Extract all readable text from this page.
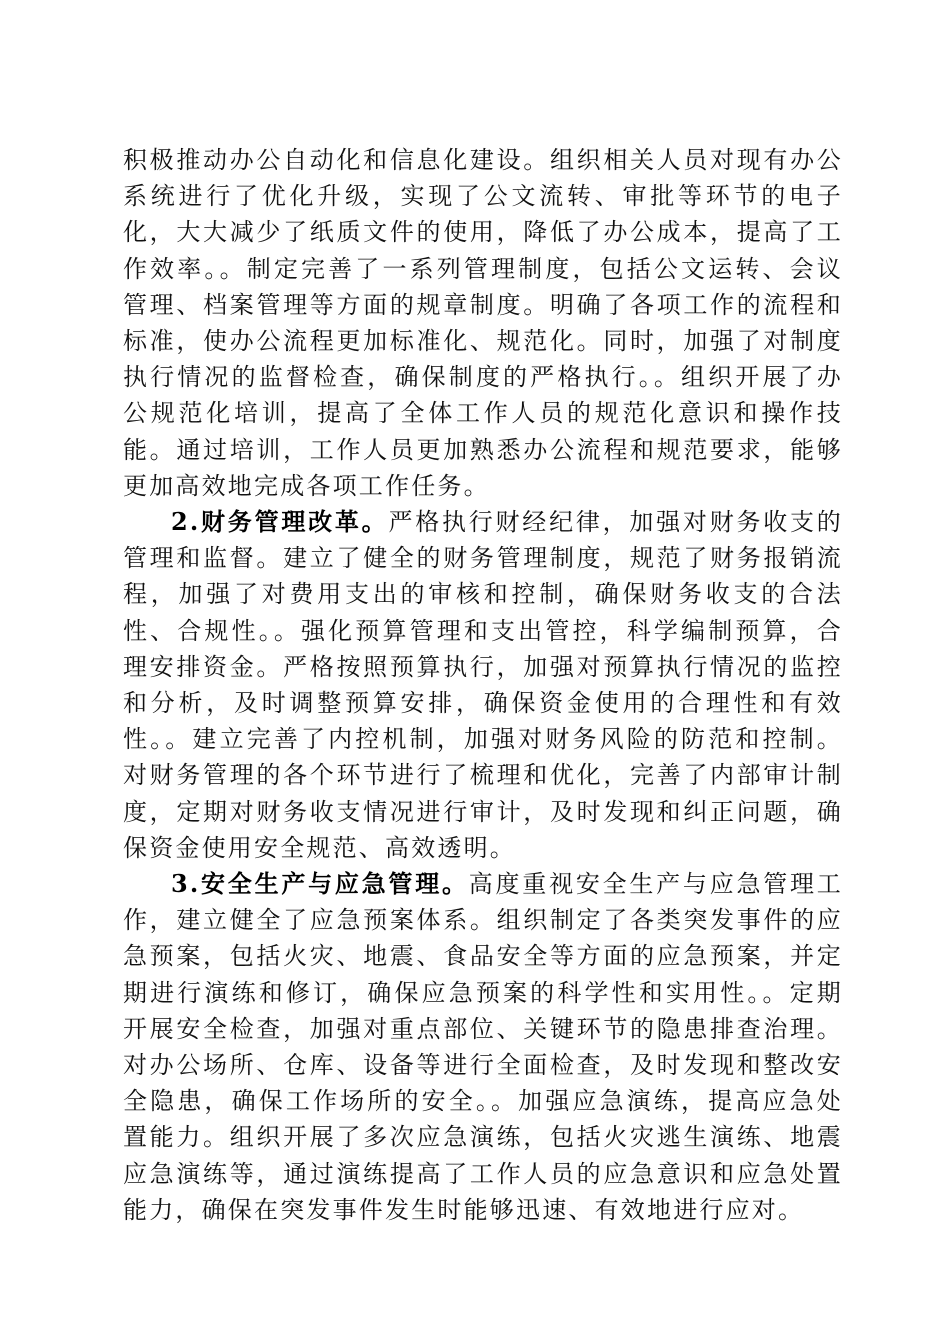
积极推动办公自动化和信息化建设。组织相关人员对现有办公系统进行了优化升级，实现了公文流转、审批等环节的电子化，大大减少了纸质文件的使用，降低了办公成本，提高了工作效率。。制定完善了一系列管理制度，包括公文运转、会议管理、档案管理等方面的规章制度。明确了各项工作的流程和标准，使办公流程更加标准化、规范化。同时，加强了对制度执行情况的监督检查，确保制度的严格执行。。组织开展了办公规范化培训，提高了全体工作人员的规范化意识和操作技能。通过培训，工作人员更加熟悉办公流程和规范要求，能够更加高效地完成各项工作任务。

2.财务管理改革。严格执行财经纪律，加强对财务收支的管理和监督。建立了健全的财务管理制度，规范了财务报销流程，加强了对费用支出的审核和控制，确保财务收支的合法性、合规性。。强化预算管理和支出管控，科学编制预算，合理安排资金。严格按照预算执行，加强对预算执行情况的监控和分析，及时调整预算安排，确保资金使用的合理性和有效性。。建立完善了内控机制，加强对财务风险的防范和控制。对财务管理的各个环节进行了梳理和优化，完善了内部审计制度，定期对财务收支情况进行审计，及时发现和纠正问题，确保资金使用安全规范、高效透明。

3.安全生产与应急管理。高度重视安全生产与应急管理工作，建立健全了应急预案体系。组织制定了各类突发事件的应急预案，包括火灾、地震、食品安全等方面的应急预案，并定期进行演练和修订，确保应急预案的科学性和实用性。。定期开展安全检查，加强对重点部位、关键环节的隐患排查治理。对办公场所、仓库、设备等进行全面检查，及时发现和整改安全隐患，确保工作场所的安全。。加强应急演练，提高应急处置能力。组织开展了多次应急演练，包括火灾逃生演练、地震应急演练等，通过演练提高了工作人员的应急意识和应急处置能力，确保在突发事件发生时能够迅速、有效地进行应对。
